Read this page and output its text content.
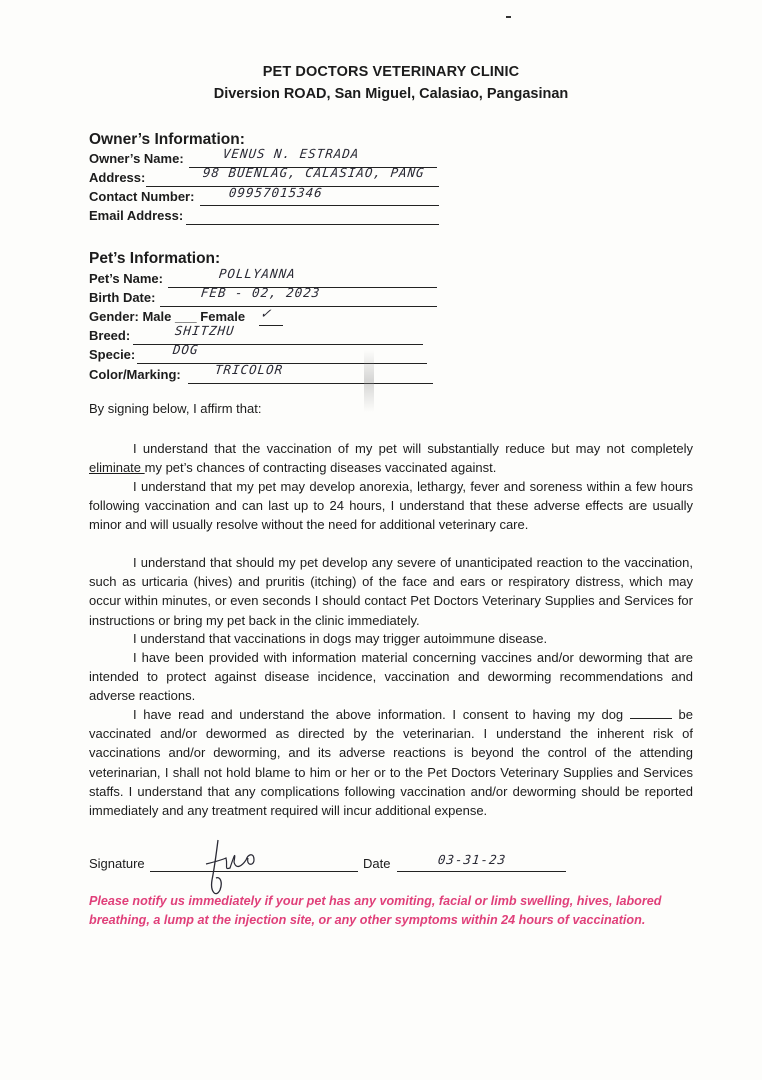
PET DOCTORS VETERINARY CLINIC
Diversion ROAD, San Miguel, Calasiao, Pangasinan
Owner’s Information:
Owner’s Name:	VENUS N. ESTRADA
Address:	98 BUENLAG, CALASIAO, PANG
Contact Number:	09957015346
Email Address:
Pet’s Information:
Pet’s Name:	POLLYANNA
Birth Date:	FEB - 02, 2023
Gender: Male ___ Female ✓
Breed:	SHITZHU
Specie:	DOG
Color/Marking:	TRICOLOR
By signing below, I affirm that:
I understand that the vaccination of my pet will substantially reduce but may not completely eliminate my pet’s chances of contracting diseases vaccinated against.
I understand that my pet may develop anorexia, lethargy, fever and soreness within a few hours following vaccination and can last up to 24 hours, I understand that these adverse effects are usually minor and will usually resolve without the need for additional veterinary care.
I understand that should my pet develop any severe of unanticipated reaction to the vaccination, such as urticaria (hives) and pruritis (itching) of the face and ears or respiratory distress, which may occur within minutes, or even seconds I should contact Pet Doctors Veterinary Supplies and Services for instructions or bring my pet back in the clinic immediately.
I understand that vaccinations in dogs may trigger autoimmune disease.
I have been provided with information material concerning vaccines and/or deworming that are intended to protect against disease incidence, vaccination and deworming recommendations and adverse reactions.
I have read and understand the above information. I consent to having my dog	be vaccinated and/or dewormed as directed by the veterinarian. I understand the inherent risk of vaccinations and/or deworming, and its adverse reactions is beyond the control of the attending veterinarian, I shall not hold blame to him or her or to the Pet Doctors Veterinary Supplies and Services staffs. I understand that any complications following vaccination and/or deworming should be reported immediately and any treatment required will incur additional expense.
Signature	Date	03-31-23
Please notify us immediately if your pet has any vomiting, facial or limb swelling, hives, labored breathing, a lump at the injection site, or any other symptoms within 24 hours of vaccination.
